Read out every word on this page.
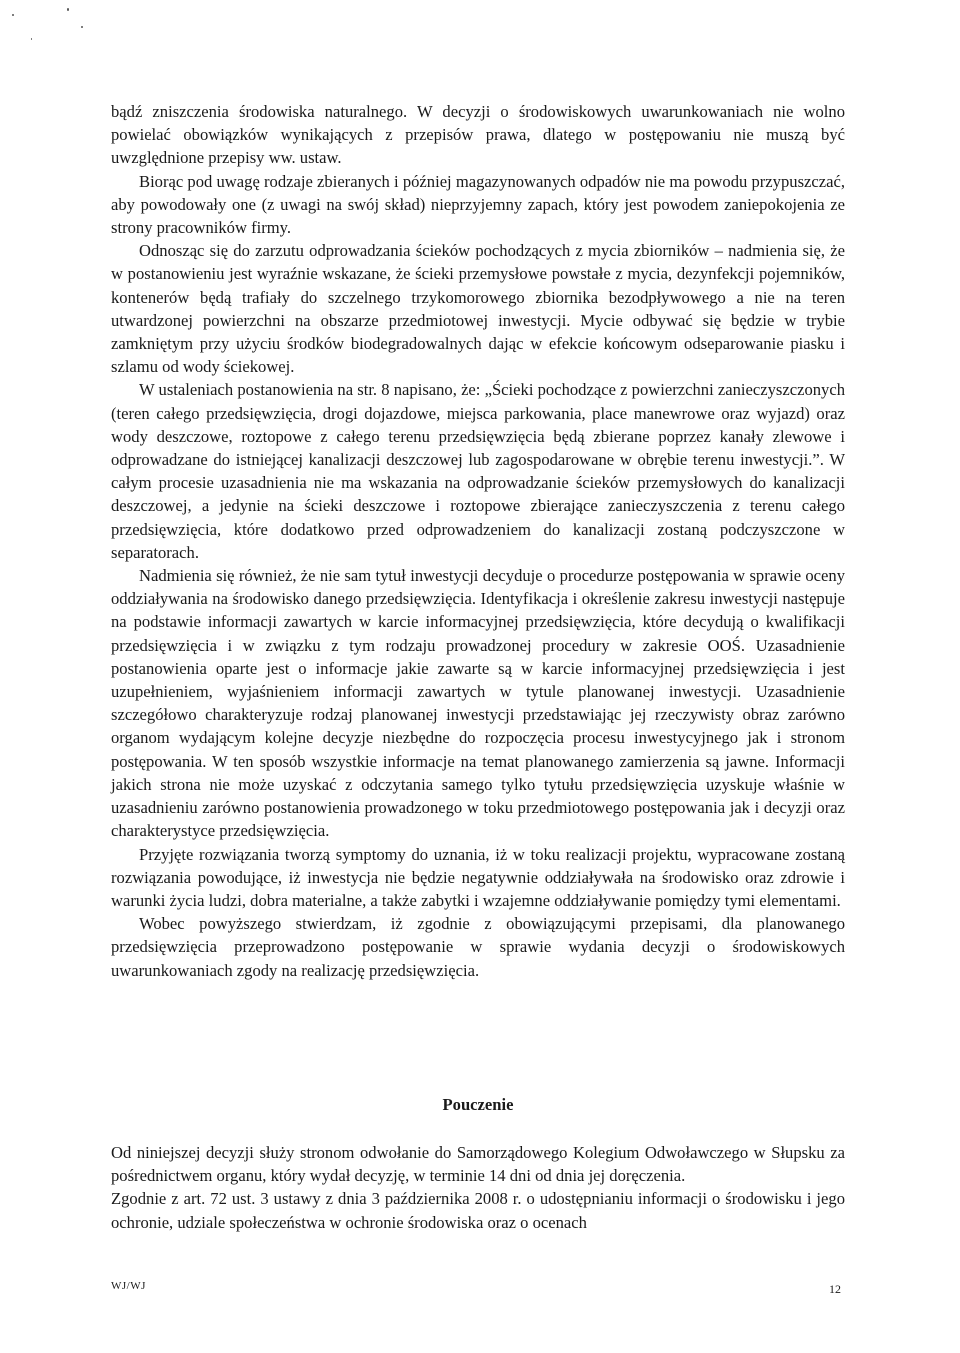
bądź zniszczenia środowiska naturalnego. W decyzji o środowiskowych uwarunkowaniach nie wolno powielać obowiązków wynikających z przepisów prawa, dlatego w postępowaniu nie muszą być uwzględnione przepisy ww. ustaw.

Biorąc pod uwagę rodzaje zbieranych i później magazynowanych odpadów nie ma powodu przypuszczać, aby powodowały one (z uwagi na swój skład) nieprzyjemny zapach, który jest powodem zaniepokojenia ze strony pracowników firmy.

Odnosząc się do zarzutu odprowadzania ścieków pochodzących z mycia zbiorników – nadmienia się, że w postanowieniu jest wyraźnie wskazane, że ścieki przemysłowe powstałe z mycia, dezynfekcji pojemników, kontenerów będą trafiały do szczelnego trzykomorowego zbiornika bezodpływowego a nie na teren utwardzonej powierzchni na obszarze przedmiotowej inwestycji. Mycie odbywać się będzie w trybie zamkniętym przy użyciu środków biodegradowalnych dając w efekcie końcowym odseparowanie piasku i szlamu od wody ściekowej.

W ustaleniach postanowienia na str. 8 napisano, że: „Ścieki pochodzące z powierzchni zanieczyszczonych (teren całego przedsięwzięcia, drogi dojazdowe, miejsca parkowania, place manewrowe oraz wyjazd) oraz wody deszczowe, roztopowe z całego terenu przedsięwzięcia będą zbierane poprzez kanały zlewowe i odprowadzane do istniejącej kanalizacji deszczowej lub zagospodarowane w obrębie terenu inwestycji.”. W całym procesie uzasadnienia nie ma wskazania na odprowadzanie ścieków przemysłowych do kanalizacji deszczowej, a jedynie na ścieki deszczowe i roztopowe zbierające zanieczyszczenia z terenu całego przedsięwzięcia, które dodatkowo przed odprowadzeniem do kanalizacji zostaną podczyszczone w separatorach.

Nadmienia się również, że nie sam tytuł inwestycji decyduje o procedurze postępowania w sprawie oceny oddziaływania na środowisko danego przedsięwzięcia. Identyfikacja i określenie zakresu inwestycji następuje na podstawie informacji zawartych w karcie informacyjnej przedsięwzięcia, które decydują o kwalifikacji przedsięwzięcia i w związku z tym rodzaju prowadzonej procedury w zakresie OOŚ. Uzasadnienie postanowienia oparte jest o informacje jakie zawarte są w karcie informacyjnej przedsięwzięcia i jest uzupełnieniem, wyjaśnieniem informacji zawartych w tytule planowanej inwestycji. Uzasadnienie szczegółowo charakteryzuje rodzaj planowanej inwestycji przedstawiając jej rzeczywisty obraz zarówno organom wydającym kolejne decyzje niezbędne do rozpoczęcia procesu inwestycyjnego jak i stronom postępowania. W ten sposób wszystkie informacje na temat planowanego zamierzenia są jawne. Informacji jakich strona nie może uzyskać z odczytania samego tylko tytułu przedsięwzięcia uzyskuje właśnie w uzasadnieniu zarówno postanowienia prowadzonego w toku przedmiotowego postępowania jak i decyzji oraz charakterystyce przedsięwzięcia.

Przyjęte rozwiązania tworzą symptomy do uznania, iż w toku realizacji projektu, wypracowane zostaną rozwiązania powodujące, iż inwestycja nie będzie negatywnie oddziaływała na środowisko oraz zdrowie i warunki życia ludzi, dobra materialne, a także zabytki i wzajemne oddziaływanie pomiędzy tymi elementami.

Wobec powyższego stwierdzam, iż zgodnie z obowiązującymi przepisami, dla planowanego przedsięwzięcia przeprowadzono postępowanie w sprawie wydania decyzji o środowiskowych uwarunkowaniach zgody na realizację przedsięwzięcia.

Pouczenie

Od niniejszej decyzji służy stronom odwołanie do Samorządowego Kolegium Odwoławczego w Słupsku za pośrednictwem organu, który wydał decyzję, w terminie 14 dni od dnia jej doręczenia.

Zgodnie z art. 72 ust. 3 ustawy z dnia 3 października 2008 r. o udostępnianiu informacji o środowisku i jego ochronie, udziale społeczeństwa w ochronie środowiska oraz o ocenach

WJ/WJ	12
